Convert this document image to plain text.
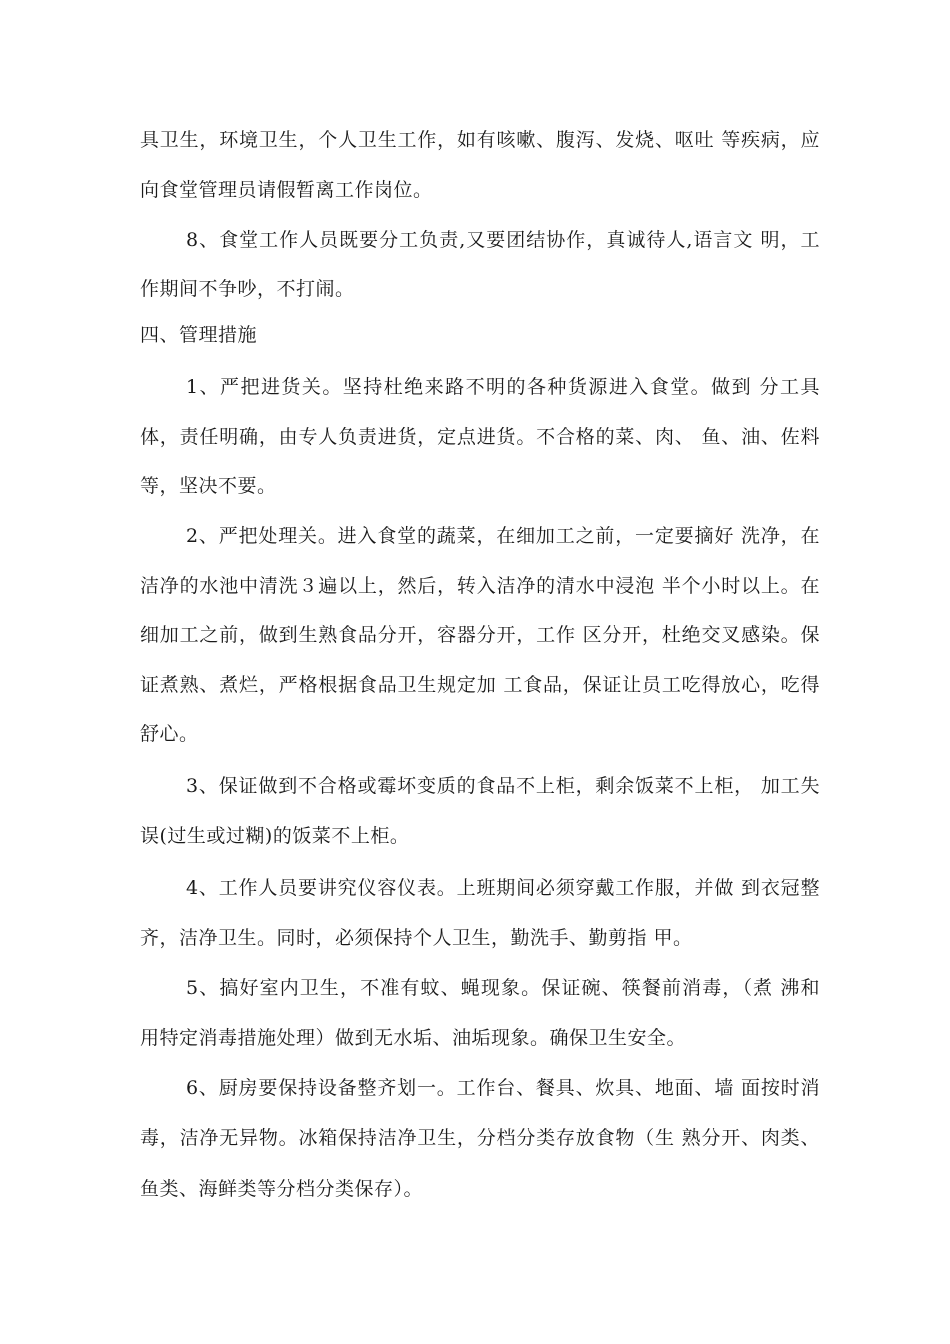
具卫生，环境卫生，个人卫生工作，如有咳嗽、腹泻、发烧、呕吐 等疾病，应
向食堂管理员请假暂离工作岗位。
8、食堂工作人员既要分工负责,又要团结协作，真诚待人,语言文 明，工
作期间不争吵，不打闹。
四、管理措施
1、严把进货关。坚持杜绝来路不明的各种货源进入食堂。做到 分工具
体，责任明确，由专人负责进货，定点进货。不合格的菜、肉、 鱼、油、佐料
等，坚决不要。
2、严把处理关。进入食堂的蔬菜，在细加工之前，一定要摘好 洗净，在
洁净的水池中清洗３遍以上，然后，转入洁净的清水中浸泡 半个小时以上。在
细加工之前，做到生熟食品分开，容器分开，工作 区分开，杜绝交叉感染。保
证煮熟、煮烂，严格根据食品卫生规定加 工食品，保证让员工吃得放心，吃得
舒心。
3、保证做到不合格或霉坏变质的食品不上柜，剩余饭菜不上柜， 加工失
误(过生或过糊)的饭菜不上柜。
4、工作人员要讲究仪容仪表。上班期间必须穿戴工作服，并做 到衣冠整
齐，洁净卫生。同时，必须保持个人卫生，勤洗手、勤剪指 甲。
5、搞好室内卫生，不准有蚊、蝇现象。保证碗、筷餐前消毒，（煮 沸和
用特定消毒措施处理）做到无水垢、油垢现象。确保卫生安全。
6、厨房要保持设备整齐划一。工作台、餐具、炊具、地面、墙 面按时消
毒，洁净无异物。冰箱保持洁净卫生，分档分类存放食物（生 熟分开、肉类、
鱼类、海鲜类等分档分类保存）。
